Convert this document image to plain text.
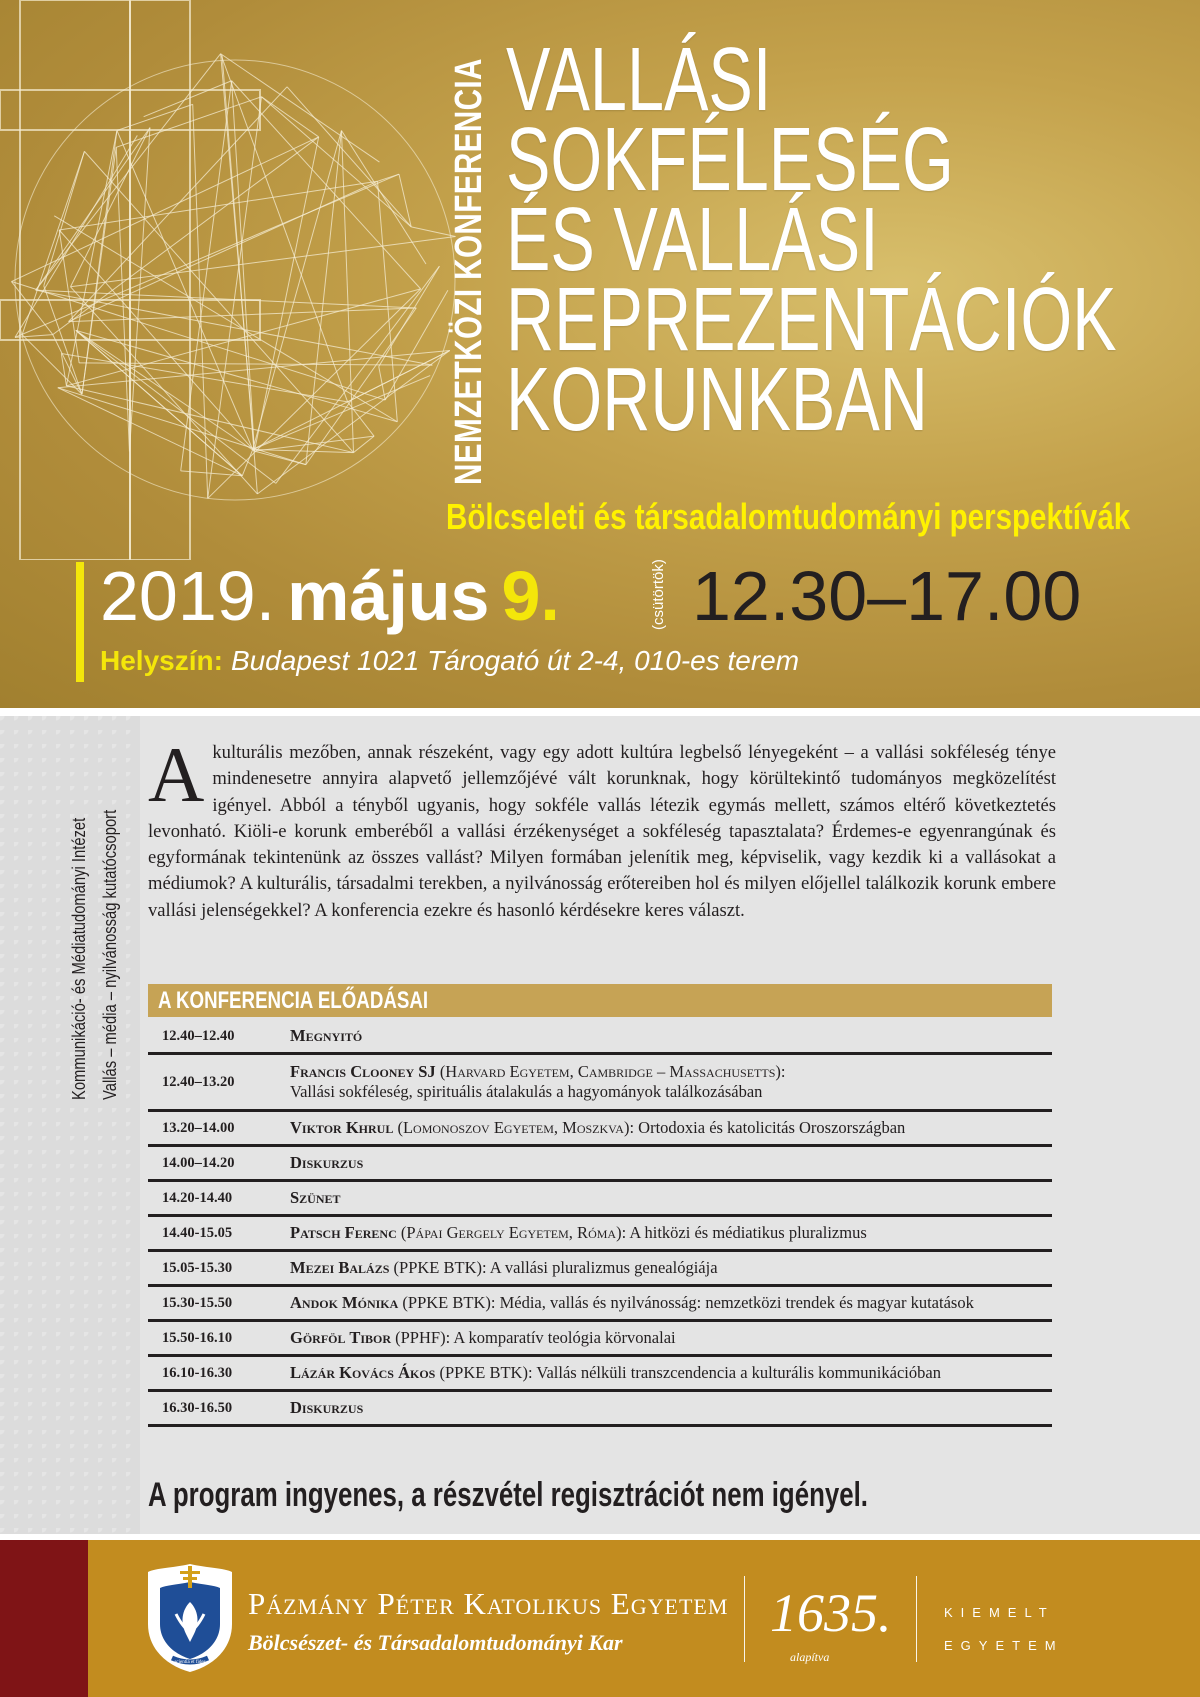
NEMZETKÖZI KONFERENCIA VALLÁSI
SOKFÉLESÉG
ÉS VALLÁSI
REPREZENTÁCIÓK
KORUNKBAN
Bölcseleti és társadalomtudományi perspektívák
2019. május 9.	(csütörtök) 12.30–17.00
Helyszín: Budapest 1021 Tárogató út 2-4, 010-es terem
Kommunikáció- és Médiatudományi Intézet Vallás – média – nyilvánosság kutatócsoport
A kulturális mezőben, annak részeként, vagy egy adott kultúra legbelső lényegeként – a vallási sokféleség ténye mindenesetre annyira alapvető jellemzőjévé vált korunknak, hogy körültekintő tudományos megközelítést igényel. Abból a tényből ugyanis, hogy sokféle vallás létezik egymás mellett, számos eltérő következtetés levonható. Kiöli-e korunk emberéből a vallási érzékenységet a sokféleség tapasztalata? Érdemes-e egyenrangúnak és egyformának tekintenünk az összes vallást? Milyen formában jelenítik meg, képviselik, vagy kezdik ki a vallásokat a médiumok? A kulturális, társadalmi terekben, a nyilvánosság erőtereiben hol és milyen előjellel találkozik korunk embere vallási jelenségekkel? A konferencia ezekre és hasonló kérdésekre keres választ.
A KONFERENCIA ELŐADÁSAI
12.40–12.40	Megnyitó
12.40–13.20
Francis Clooney SJ (Harvard Egyetem, Cambridge – Massachusetts):
Vallási sokféleség, spirituális átalakulás a hagyományok találkozásában
13.20–14.00	Viktor Khrul (Lomonoszov Egyetem, Moszkva): Ortodoxia és katolicitás Oroszországban
14.00–14.20	Diskurzus
14.20-14.40	Szünet
14.40-15.05	Patsch Ferenc (Pápai Gergely Egyetem, Róma): A hitközi és médiatikus pluralizmus
15.05-15.30	Mezei Balázs (PPKE BTK): A vallási pluralizmus genealógiája
15.30-15.50	Andok Mónika (PPKE BTK): Média, vallás és nyilvánosság: nemzetközi trendek és magyar kutatások
15.50-16.10	Görföl Tibor (PPHF): A komparatív teológia körvonalai
16.10-16.30	Lázár Kovács Ákos (PPKE BTK): Vallás nélküli transzcendencia a kulturális kommunikációban
16.30-16.50	Diskurzus
A program ingyenes, a részvétel regisztrációt nem igényel.
scientia et fides
Pázmány Péter Katolikus Egyetem
Bölcsészet- és Társadalomtudományi Kar	1635.
alapítva
KIEMELT
EGYETEM
